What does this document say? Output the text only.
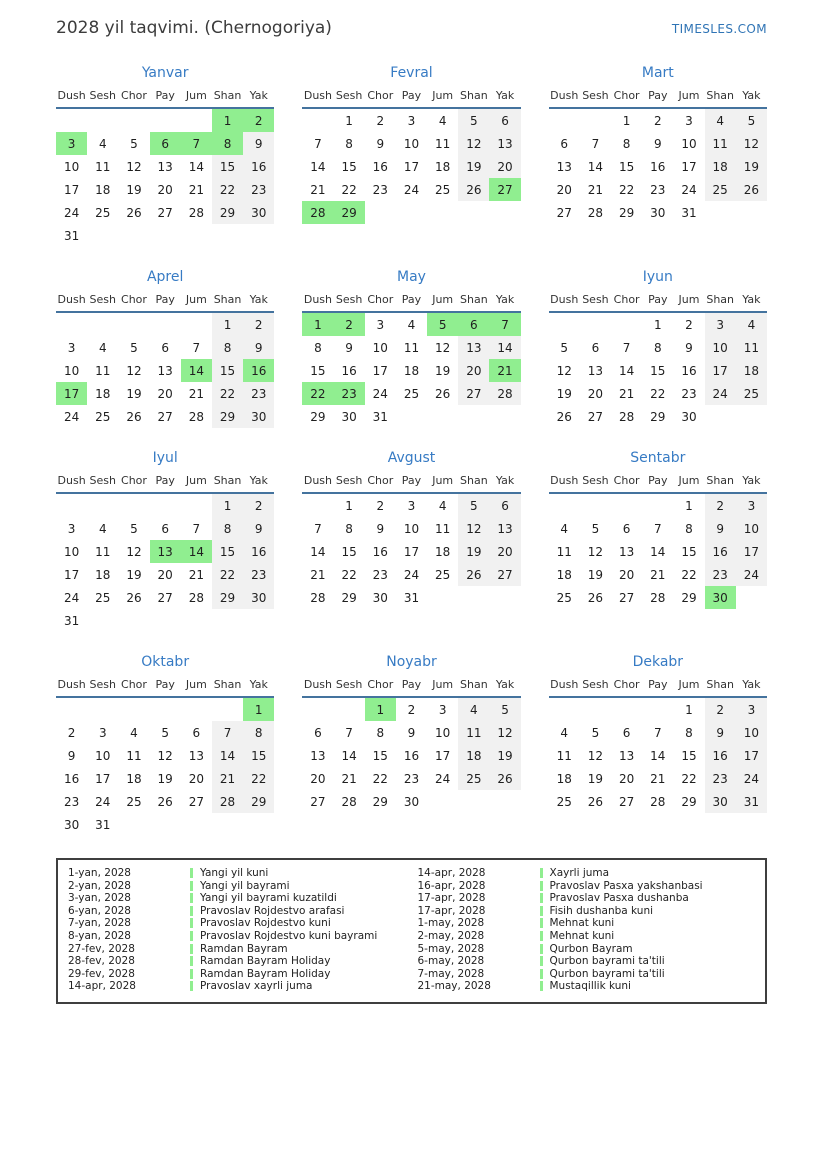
2028 yil taqvimi. (Chernogoriya)	TIMESLES.COM
Yanvar
Dush	Sesh	Chor	Pay	Jum	Shan	Yak
					1	2
3	4	5	6	7	8	9
10	11	12	13	14	15	16
17	18	19	20	21	22	23
24	25	26	27	28	29	30
31						
Fevral
Dush	Sesh	Chor	Pay	Jum	Shan	Yak
	1	2	3	4	5	6
7	8	9	10	11	12	13
14	15	16	17	18	19	20
21	22	23	24	25	26	27
28	29					
Mart
Dush	Sesh	Chor	Pay	Jum	Shan	Yak
		1	2	3	4	5
6	7	8	9	10	11	12
13	14	15	16	17	18	19
20	21	22	23	24	25	26
27	28	29	30	31		
Aprel
Dush	Sesh	Chor	Pay	Jum	Shan	Yak
					1	2
3	4	5	6	7	8	9
10	11	12	13	14	15	16
17	18	19	20	21	22	23
24	25	26	27	28	29	30
May
Dush	Sesh	Chor	Pay	Jum	Shan	Yak
1	2	3	4	5	6	7
8	9	10	11	12	13	14
15	16	17	18	19	20	21
22	23	24	25	26	27	28
29	30	31				
Iyun
Dush	Sesh	Chor	Pay	Jum	Shan	Yak
			1	2	3	4
5	6	7	8	9	10	11
12	13	14	15	16	17	18
19	20	21	22	23	24	25
26	27	28	29	30		
Iyul
Dush	Sesh	Chor	Pay	Jum	Shan	Yak
					1	2
3	4	5	6	7	8	9
10	11	12	13	14	15	16
17	18	19	20	21	22	23
24	25	26	27	28	29	30
31						
Avgust
Dush	Sesh	Chor	Pay	Jum	Shan	Yak
	1	2	3	4	5	6
7	8	9	10	11	12	13
14	15	16	17	18	19	20
21	22	23	24	25	26	27
28	29	30	31			
Sentabr
Dush	Sesh	Chor	Pay	Jum	Shan	Yak
				1	2	3
4	5	6	7	8	9	10
11	12	13	14	15	16	17
18	19	20	21	22	23	24
25	26	27	28	29	30	
Oktabr
Dush	Sesh	Chor	Pay	Jum	Shan	Yak
						1
2	3	4	5	6	7	8
9	10	11	12	13	14	15
16	17	18	19	20	21	22
23	24	25	26	27	28	29
30	31					
Noyabr
Dush	Sesh	Chor	Pay	Jum	Shan	Yak
		1	2	3	4	5
6	7	8	9	10	11	12
13	14	15	16	17	18	19
20	21	22	23	24	25	26
27	28	29	30			
Dekabr
Dush	Sesh	Chor	Pay	Jum	Shan	Yak
				1	2	3
4	5	6	7	8	9	10
11	12	13	14	15	16	17
18	19	20	21	22	23	24
25	26	27	28	29	30	31
1-yan, 2028	Yangi yil kuni
2-yan, 2028	Yangi yil bayrami
3-yan, 2028	Yangi yil bayrami kuzatildi
6-yan, 2028	Pravoslav Rojdestvo arafasi
7-yan, 2028	Pravoslav Rojdestvo kuni
8-yan, 2028	Pravoslav Rojdestvo kuni bayrami
27-fev, 2028	Ramdan Bayram
28-fev, 2028	Ramdan Bayram Holiday
29-fev, 2028	Ramdan Bayram Holiday
14-apr, 2028	Pravoslav xayrli juma
14-apr, 2028	Xayrli juma
16-apr, 2028	Pravoslav Pasxa yakshanbasi
17-apr, 2028	Pravoslav Pasxa dushanba
17-apr, 2028	Fisih dushanba kuni
1-may, 2028	Mehnat kuni
2-may, 2028	Mehnat kuni
5-may, 2028	Qurbon Bayram
6-may, 2028	Qurbon bayrami ta'tili
7-may, 2028	Qurbon bayrami ta'tili
21-may, 2028	Mustaqillik kuni
